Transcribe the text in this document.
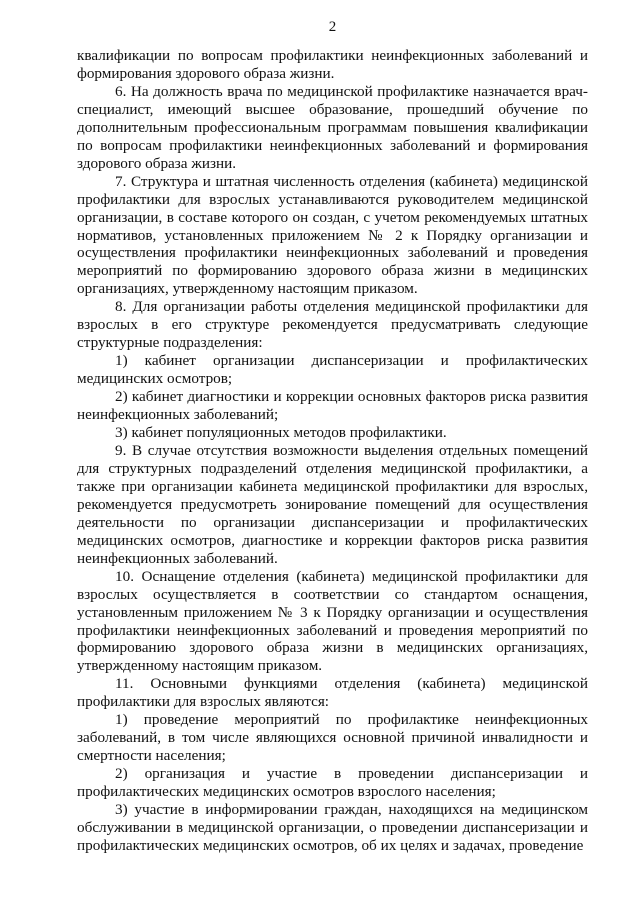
2

квалификации по вопросам профилактики неинфекционных заболеваний и формирования здорового образа жизни.

6. На должность врача по медицинской профилактике назначается врач-специалист, имеющий высшее образование, прошедший обучение по дополнительным профессиональным программам повышения квалификации по вопросам профилактики неинфекционных заболеваний и формирования здорового образа жизни.

7. Структура и штатная численность отделения (кабинета) медицинской профилактики для взрослых устанавливаются руководителем медицинской организации, в составе которого он создан, с учетом рекомендуемых штатных нормативов, установленных приложением № 2 к Порядку организации и осуществления профилактики неинфекционных заболеваний и проведения мероприятий по формированию здорового образа жизни в медицинских организациях, утвержденному настоящим приказом.

8. Для организации работы отделения медицинской профилактики для взрослых в его структуре рекомендуется предусматривать следующие структурные подразделения:

1) кабинет организации диспансеризации и профилактических медицинских осмотров;

2) кабинет диагностики и коррекции основных факторов риска развития неинфекционных заболеваний;

3) кабинет популяционных методов профилактики.

9. В случае отсутствия возможности выделения отдельных помещений для структурных подразделений отделения медицинской профилактики, а также при организации кабинета медицинской профилактики для взрослых, рекомендуется предусмотреть зонирование помещений для осуществления деятельности по организации диспансеризации и профилактических медицинских осмотров, диагностике и коррекции факторов риска развития неинфекционных заболеваний.

10. Оснащение отделения (кабинета) медицинской профилактики для взрослых осуществляется в соответствии со стандартом оснащения, установленным приложением № 3 к Порядку организации и осуществления профилактики неинфекционных заболеваний и проведения мероприятий по формированию здорового образа жизни в медицинских организациях, утвержденному настоящим приказом.

11. Основными функциями отделения (кабинета) медицинской профилактики для взрослых являются:

1) проведение мероприятий по профилактике неинфекционных заболеваний, в том числе являющихся основной причиной инвалидности и смертности населения;

2) организация и участие в проведении диспансеризации и профилактических медицинских осмотров взрослого населения;

3) участие в информировании граждан, находящихся на медицинском обслуживании в медицинской организации, о проведении диспансеризации и профилактических медицинских осмотров, об их целях и задачах, проведение
